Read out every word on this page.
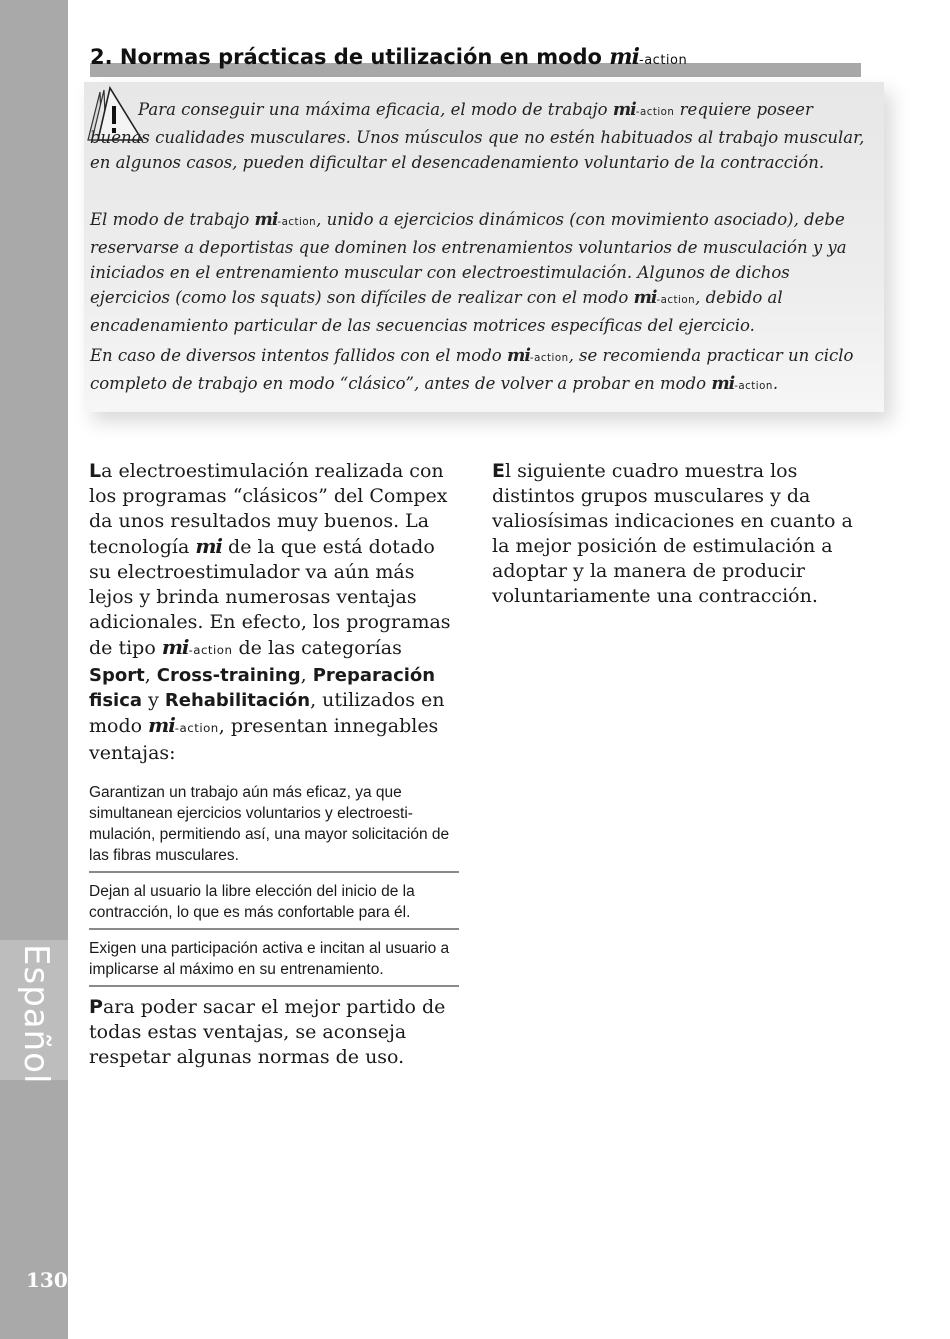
Español
130
2. Normas prácticas de utilización en modo mi-action

Para conseguir una máxima eficacia, el modo de trabajo mi-action requiere poseer buenas cualidades musculares. Unos músculos que no estén habituados al trabajo muscular, en algunos casos, pueden dificultar el desencadenamiento voluntario de la contracción.

El modo de trabajo mi-action, unido a ejercicios dinámicos (con movimiento asociado), debe reservarse a deportistas que dominen los entrenamientos voluntarios de musculación y ya iniciados en el entrenamiento muscular con electroestimulación. Algunos de dichos ejercicios (como los squats) son difíciles de realizar con el modo mi-action, debido al encadenamiento particular de las secuencias motrices específicas del ejercicio.

En caso de diversos intentos fallidos con el modo mi-action, se recomienda practicar un ciclo completo de trabajo en modo “clásico”, antes de volver a probar en modo mi-action.

La electroestimulación realizada con los programas “clásicos” del Compex da unos resultados muy buenos. La tecnología mi de la que está dotado su electroestimulador va aún más lejos y brinda numerosas ventajas adicionales. En efecto, los programas de tipo mi-action de las categorías Sport, Cross-training, Preparación fisica y Rehabilitación, utilizados en modo mi-action, presentan innegables ventajas:

Garantizan un trabajo aún más eficaz, ya que simultanean ejercicios voluntarios y electroesti-mulación, permitiendo así, una mayor solicitación de las fibras musculares.
Dejan al usuario la libre elección del inicio de la contracción, lo que es más confortable para él.
Exigen una participación activa e incitan al usuario a implicarse al máximo en su entrenamiento.

Para poder sacar el mejor partido de todas estas ventajas, se aconseja respetar algunas normas de uso.

El siguiente cuadro muestra los distintos grupos musculares y da valiosísimas indicaciones en cuanto a la mejor posición de estimulación a adoptar y la manera de producir voluntariamente una contracción.
